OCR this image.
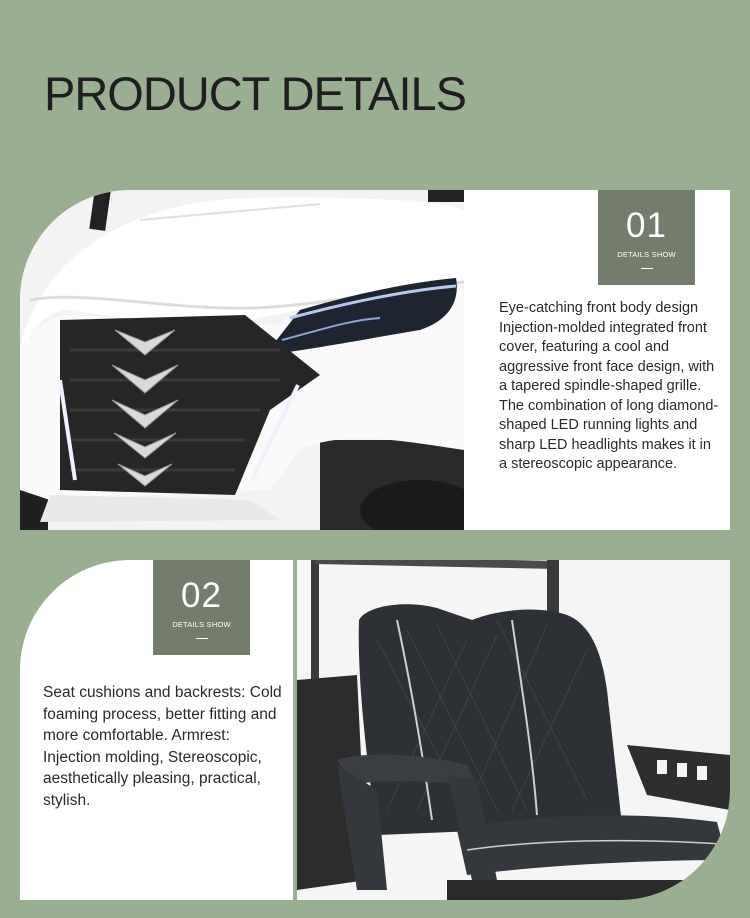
PRODUCT DETAILS
01
DETAILS SHOW

Eye-catching front body design Injection-molded integrated front cover, featuring a cool and aggressive front face design, with a tapered spindle-shaped grille. The combination of long diamond-shaped LED running lights and sharp LED headlights makes it in a stereoscopic appearance.

02
DETAILS SHOW

Seat cushions and backrests: Cold foaming process, better fitting and more comfortable. Armrest: Injection molding, Stereoscopic, aesthetically pleasing, practical, stylish.
